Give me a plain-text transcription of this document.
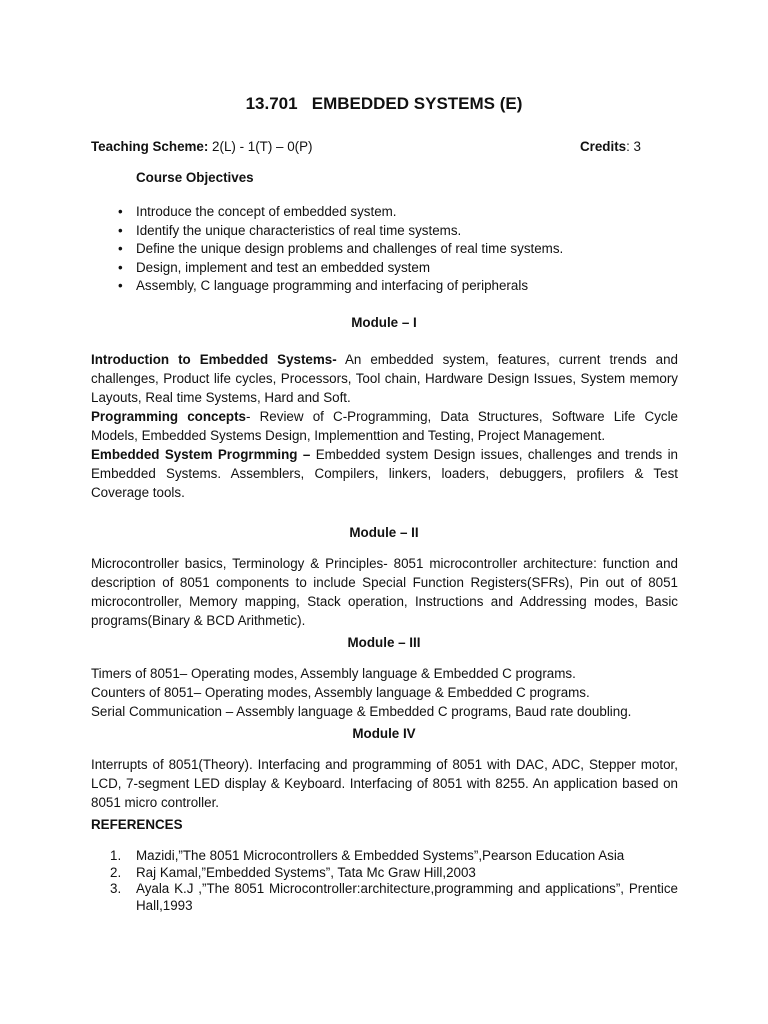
13.701   EMBEDDED SYSTEMS (E)
Teaching Scheme: 2(L) - 1(T) – 0(P)	Credits: 3
Course Objectives
• Introduce the concept of embedded system.
• Identify the unique characteristics of real time systems.
• Define the unique design problems and challenges of real time systems.
• Design, implement and test an embedded system
• Assembly, C language programming and interfacing of peripherals
Module – I

Introduction to Embedded Systems- An embedded system, features, current trends and challenges, Product life cycles, Processors, Tool chain, Hardware Design Issues, System memory Layouts, Real time Systems, Hard and Soft.

Programming concepts- Review of C-Programming, Data Structures, Software Life Cycle Models, Embedded Systems Design, Implementtion and Testing, Project Management.

Embedded System Progrmming – Embedded system Design issues, challenges and trends in Embedded Systems. Assemblers, Compilers, linkers, loaders, debuggers, profilers & Test Coverage tools.

Module – II

Microcontroller basics, Terminology & Principles- 8051 microcontroller architecture: function and description of 8051 components to include Special Function Registers(SFRs), Pin out of 8051 microcontroller, Memory mapping, Stack operation, Instructions and Addressing modes, Basic programs(Binary & BCD Arithmetic).

Module – III
Timers of 8051– Operating modes, Assembly language & Embedded C programs.
Counters of 8051– Operating modes, Assembly language & Embedded C programs.
Serial Communication – Assembly language & Embedded C programs, Baud rate doubling.
Module IV

Interrupts of 8051(Theory). Interfacing and programming of 8051 with DAC, ADC, Stepper motor, LCD, 7-segment LED display & Keyboard. Interfacing of 8051 with 8255. An application based on 8051 micro controller.

REFERENCES
1. Mazidi,”The 8051 Microcontrollers & Embedded Systems”,Pearson Education Asia
2. Raj Kamal,”Embedded Systems”, Tata Mc Graw Hill,2003
3. Ayala K.J ,”The 8051 Microcontroller:architecture,programming and applications”, Prentice Hall,1993
